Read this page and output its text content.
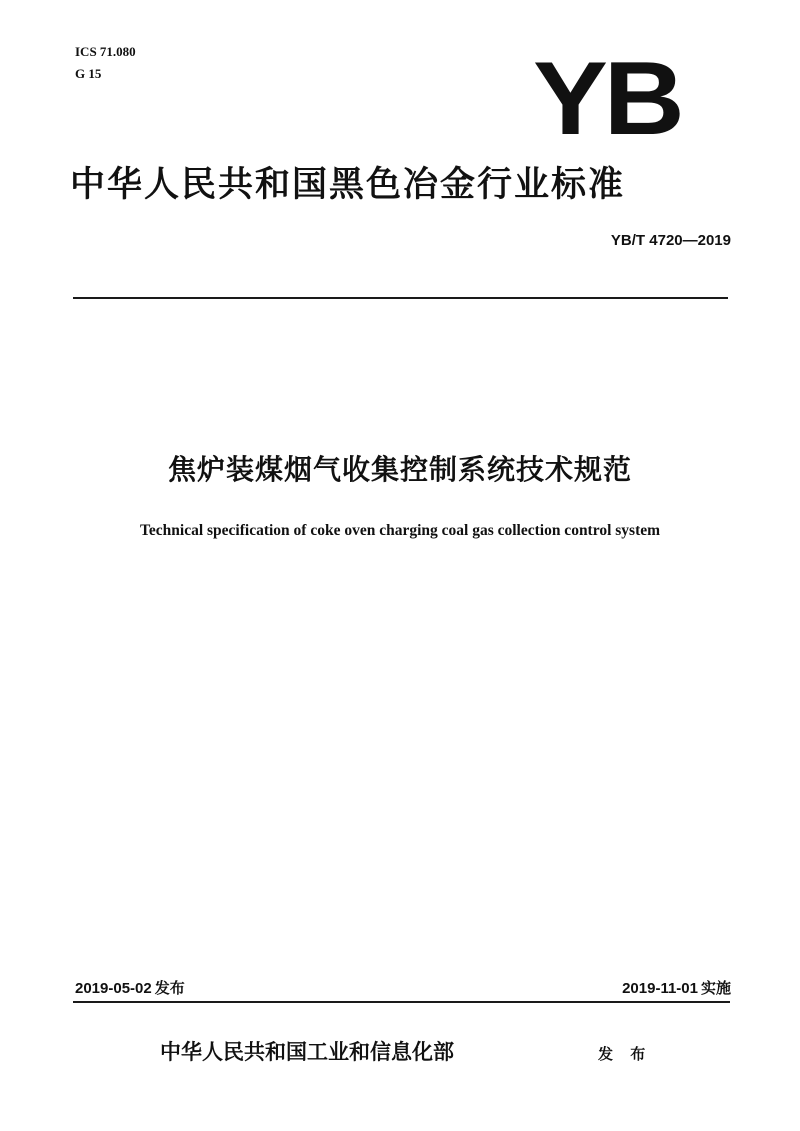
ICS 71.080
G 15	YB
中华人民共和国黑色冶金行业标准
YB/T 4720—2019
焦炉装煤烟气收集控制系统技术规范
Technical specification of coke oven charging coal gas collection control system
2019-05-02 发布	2019-11-01 实施
中华人民共和国工业和信息化部	发 布
